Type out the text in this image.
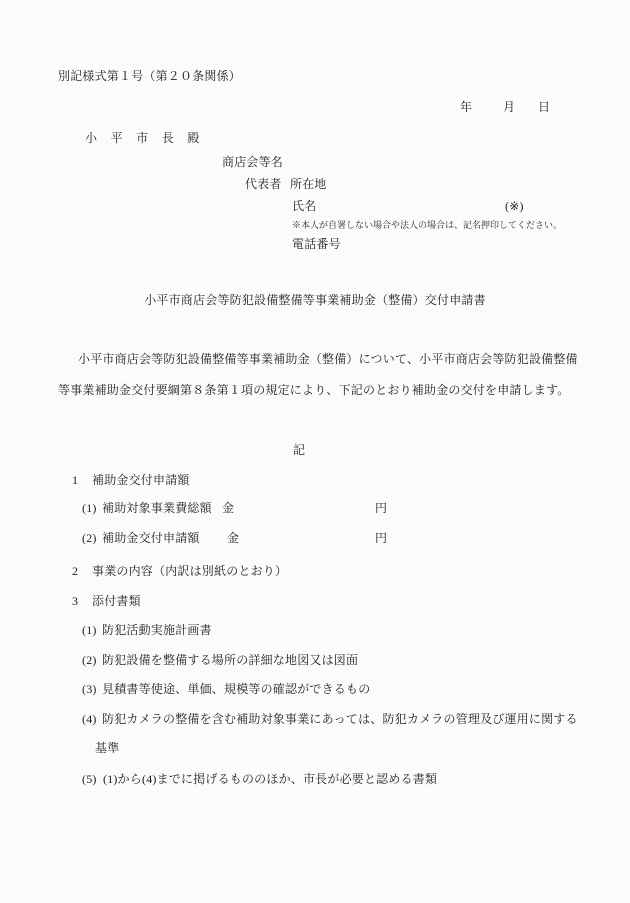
別記様式第１号（第２０条関係）
年	月 日
小　平　市　長　殿
商店会等名
代表者 所在地
氏名	(※)
※本人が自署しない場合や法人の場合は、記名押印してください。
電話番号
小平市商店会等防犯設備整備等事業補助金（整備）交付申請書
小平市商店会等防犯設備整備等事業補助金（整備）について、小平市商店会等防犯設備整備
等事業補助金交付要綱第８条第１項の規定により、下記のとおり補助金の交付を申請します。
記
1 補助金交付申請額
(1) 補助対象事業費総額 金	円
(2) 補助金交付申請額 金	円
2 事業の内容（内訳は別紙のとおり）
3 添付書類
(1) 防犯活動実施計画書
(2) 防犯設備を整備する場所の詳細な地図又は図面
(3) 見積書等使途、単価、規模等の確認ができるもの
(4) 防犯カメラの整備を含む補助対象事業にあっては、防犯カメラの管理及び運用に関する
基準
(5) (1)から(4)までに掲げるもののほか、市長が必要と認める書類
